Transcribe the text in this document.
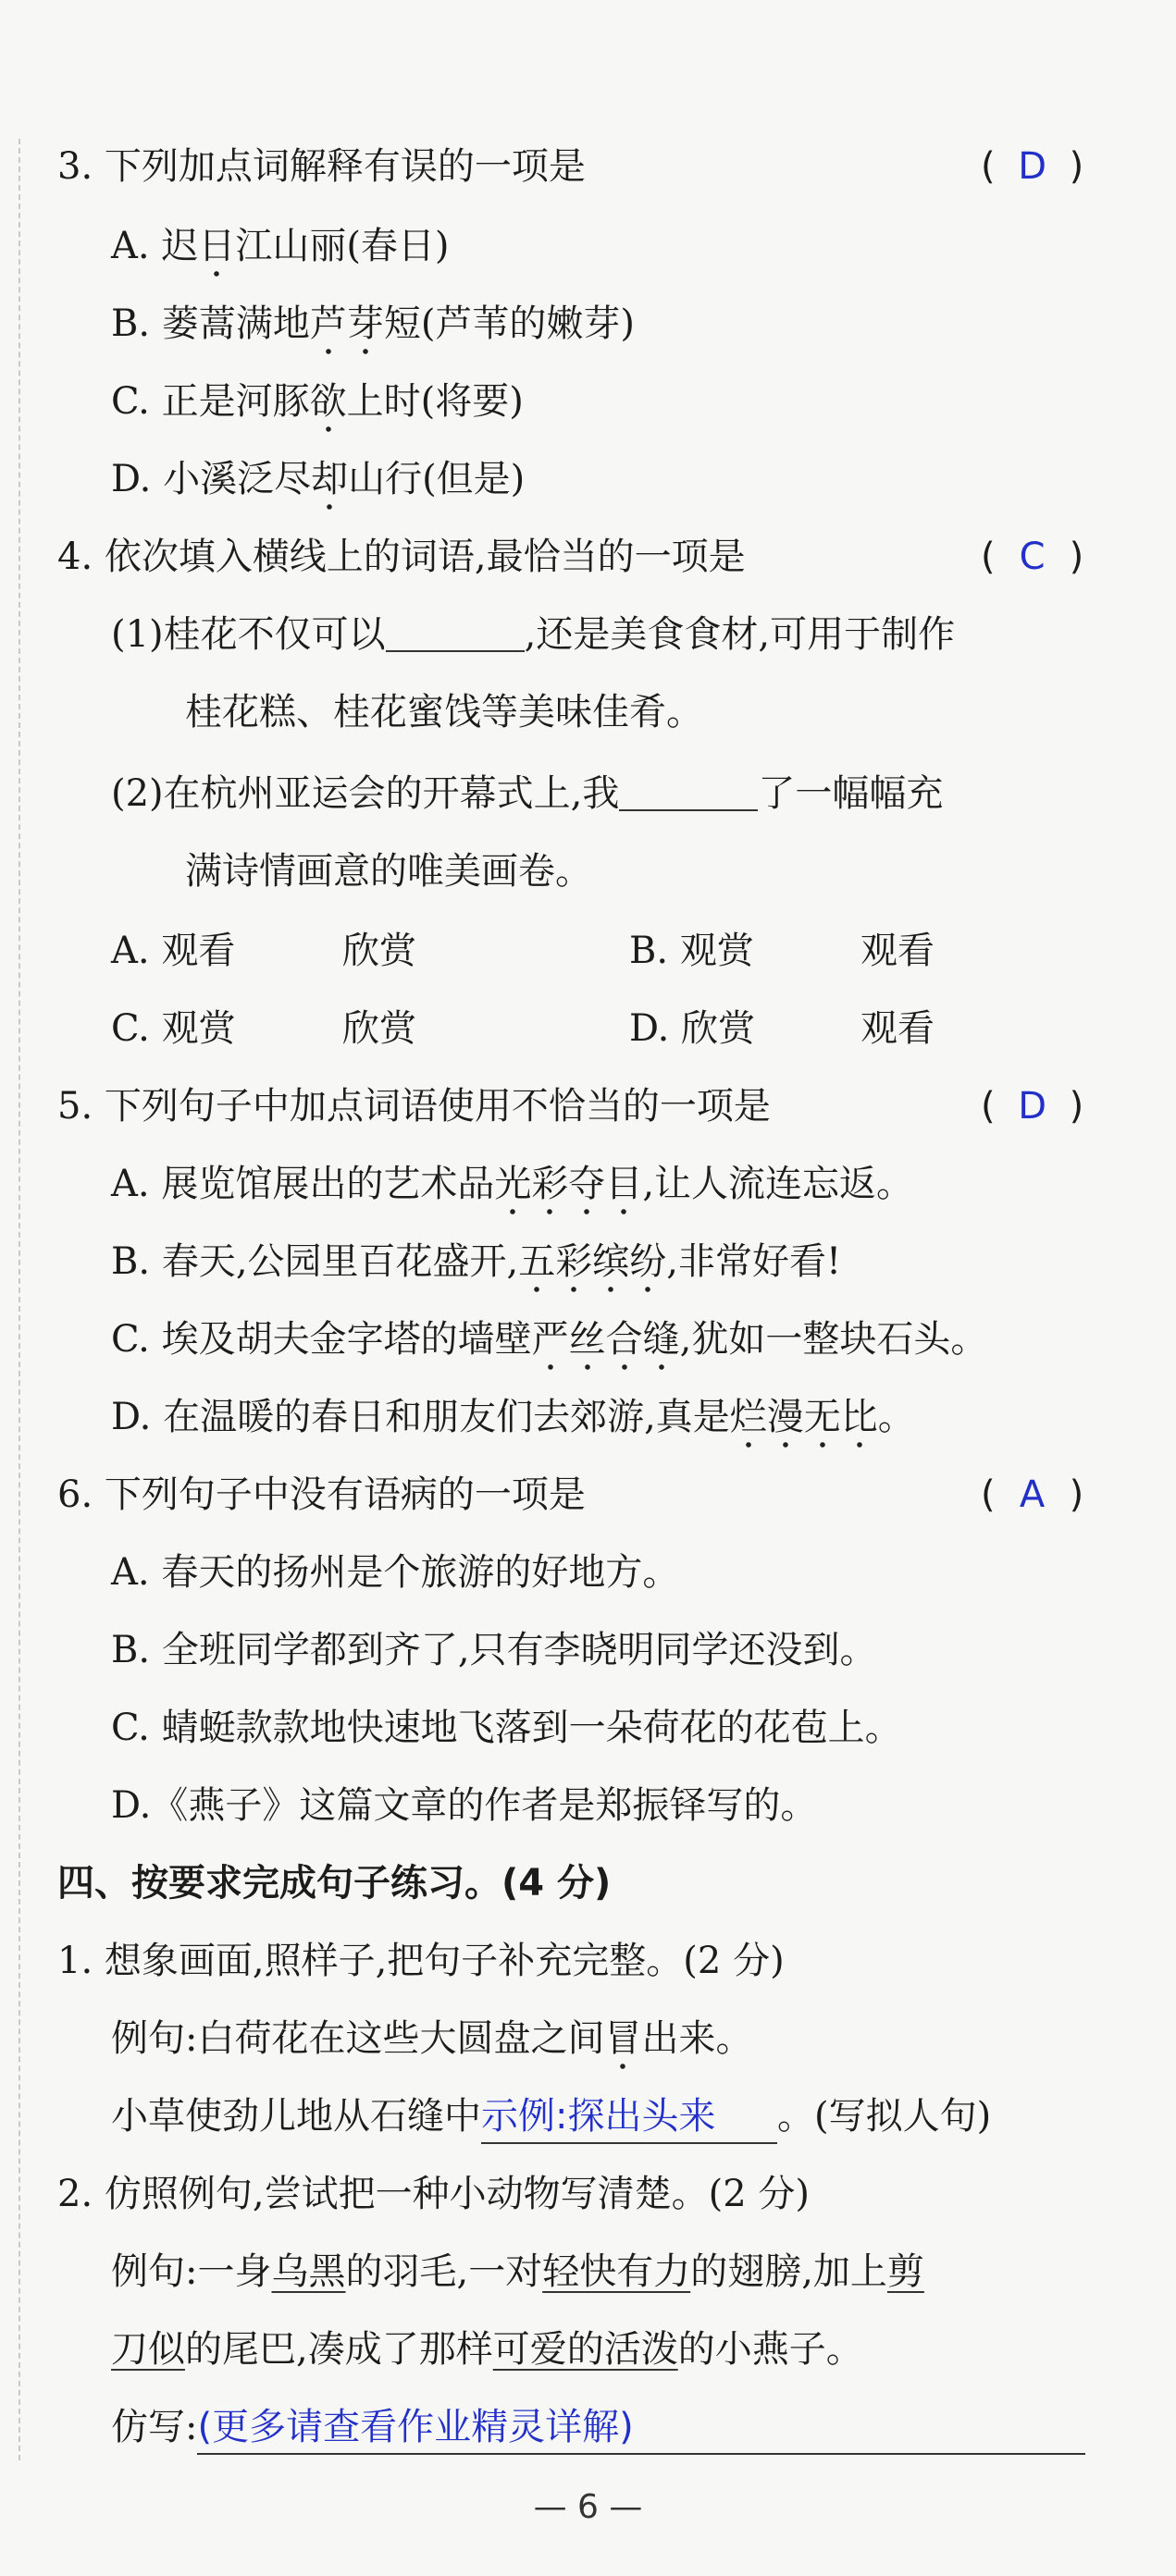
3. 下列加点词解释有误的一项是	( D )
A. 迟日江山丽(春日)
B. 蒌蒿满地芦芽短(芦苇的嫩芽)
C. 正是河豚欲上时(将要)
D. 小溪泛尽却山行(但是)
4. 依次填入横线上的词语,最恰当的一项是	( C )
(1)桂花不仅可以	,还是美食食材,可用于制作
桂花糕、桂花蜜饯等美味佳肴。
(2)在杭州亚运会的开幕式上,我	了一幅幅充
满诗情画意的唯美画卷。
A. 观看	欣赏	B. 观赏	观看
C. 观赏	欣赏	D. 欣赏	观看
5. 下列句子中加点词语使用不恰当的一项是	( D )
A. 展览馆展出的艺术品光彩夺目,让人流连忘返。
B. 春天,公园里百花盛开,五彩缤纷,非常好看!
C. 埃及胡夫金字塔的墙壁严丝合缝,犹如一整块石头。
D. 在温暖的春日和朋友们去郊游,真是烂漫无比。
6. 下列句子中没有语病的一项是	( A )
A. 春天的扬州是个旅游的好地方。
B. 全班同学都到齐了,只有李晓明同学还没到。
C. 蜻蜓款款地快速地飞落到一朵荷花的花苞上。
D.《燕子》这篇文章的作者是郑振铎写的。
四、按要求完成句子练习。(4 分)
1. 想象画面,照样子,把句子补充完整。(2 分)
例句:白荷花在这些大圆盘之间冒出来。
小草使劲儿地从石缝中示例:探出头来 。(写拟人句)
2. 仿照例句,尝试把一种小动物写清楚。(2 分)
例句:一身乌黑的羽毛,一对轻快有力的翅膀,加上剪
刀似的尾巴,凑成了那样可爱的活泼的小燕子。
仿写:(更多请查看作业精灵详解)
— 6 —
